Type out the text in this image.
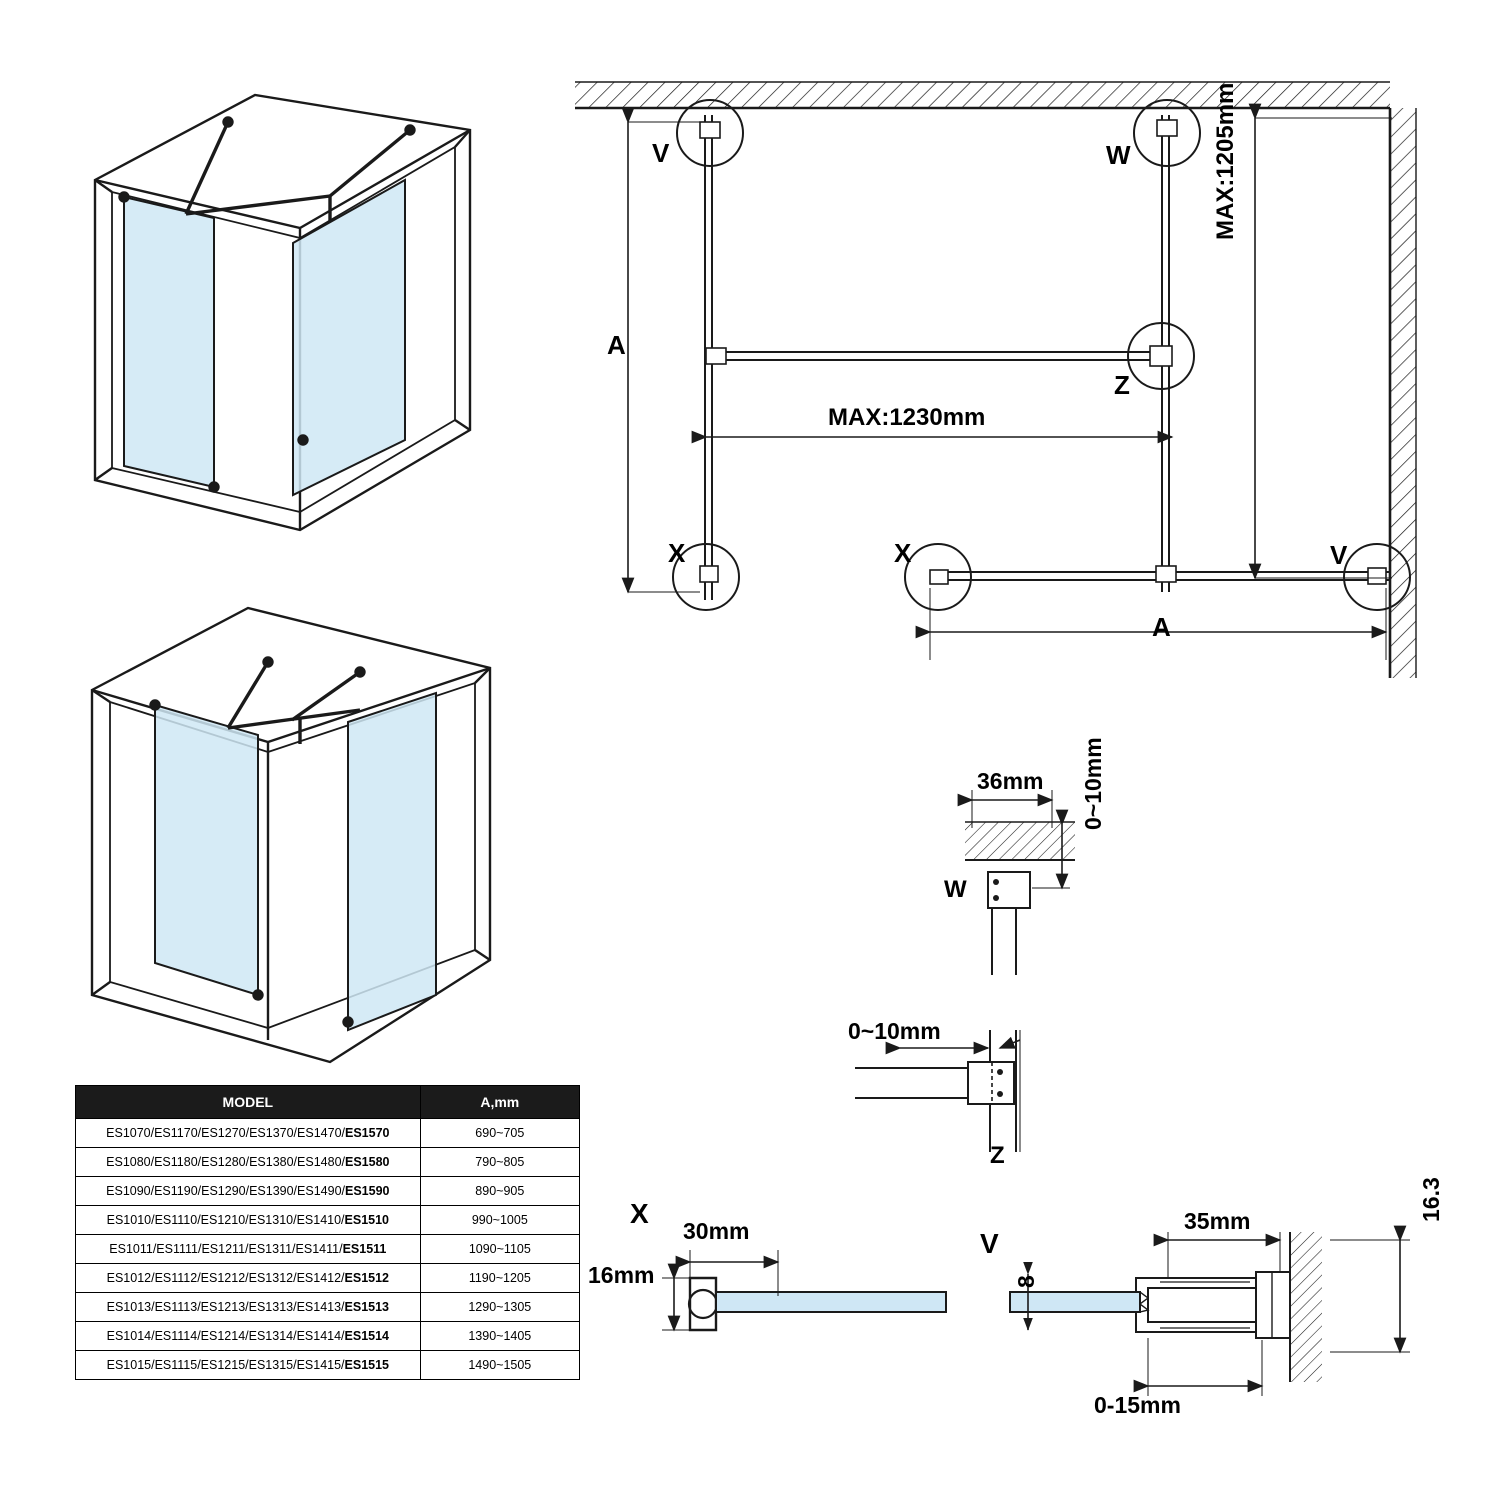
V	W
Z
X	X	V
A
A
MAX:1230mm
MAX:1205mm
W
36mm 0~10mm
Z
0~10mm
X
30mm
16mm
V
35mm	16.3
8
0-15mm
MODEL	A,mm
ES1070/ES1170/ES1270/ES1370/ES1470/ES1570	690~705
ES1080/ES1180/ES1280/ES1380/ES1480/ES1580	790~805
ES1090/ES1190/ES1290/ES1390/ES1490/ES1590	890~905
ES1010/ES1110/ES1210/ES1310/ES1410/ES1510	990~1005
ES1011/ES1111/ES1211/ES1311/ES1411/ES1511	1090~1105
ES1012/ES1112/ES1212/ES1312/ES1412/ES1512	1190~1205
ES1013/ES1113/ES1213/ES1313/ES1413/ES1513	1290~1305
ES1014/ES1114/ES1214/ES1314/ES1414/ES1514	1390~1405
ES1015/ES1115/ES1215/ES1315/ES1415/ES1515	1490~1505
